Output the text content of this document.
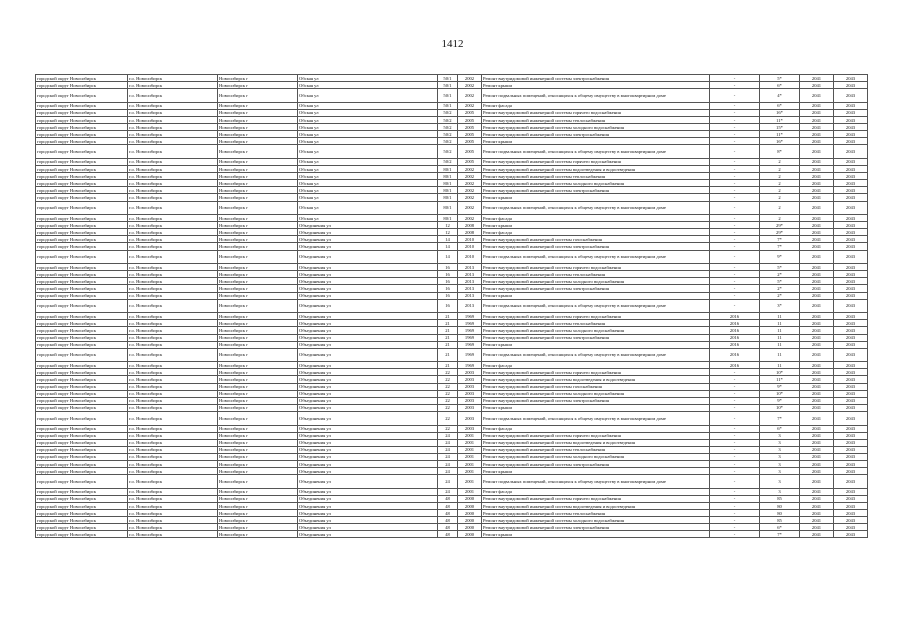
1412
городской округ Новосибирск	г.о. Новосибирск	Новосибирск г	Обская ул	50/1	2002	Ремонт внутридомовой инженерной системы электроснабжения	-	5*	2041	2043
городской округ Новосибирск	г.о. Новосибирск	Новосибирск г	Обская ул	50/1	2002	Ремонт крыши	-	6*	2041	2043
городской округ Новосибирск	г.о. Новосибирск	Новосибирск г	Обская ул	50/1	2002	Ремонт подвальных помещений, относящихся к общему имуществу в многоквартирном доме	-	4*	2041	2043
городской округ Новосибирск	г.о. Новосибирск	Новосибирск г	Обская ул	50/1	2002	Ремонт фасада	-	6*	2041	2043
городской округ Новосибирск	г.о. Новосибирск	Новосибирск г	Обская ул	50/2	2005	Ремонт внутридомовой инженерной системы горячего водоснабжения	-	16*	2041	2043
городской округ Новосибирск	г.о. Новосибирск	Новосибирск г	Обская ул	50/2	2005	Ремонт внутридомовой инженерной системы теплоснабжения	-	11*	2041	2043
городской округ Новосибирск	г.о. Новосибирск	Новосибирск г	Обская ул	50/2	2005	Ремонт внутридомовой инженерной системы холодного водоснабжения	-	15*	2041	2043
городской округ Новосибирск	г.о. Новосибирск	Новосибирск г	Обская ул	50/2	2005	Ремонт внутридомовой инженерной системы электроснабжения	-	11*	2041	2043
городской округ Новосибирск	г.о. Новосибирск	Новосибирск г	Обская ул	50/2	2005	Ремонт крыши	-	16*	2041	2043
городской округ Новосибирск	г.о. Новосибирск	Новосибирск г	Обская ул	50/2	2005	Ремонт подвальных помещений, относящихся к общему имуществу в многоквартирном доме	-	8*	2041	2043
городской округ Новосибирск	г.о. Новосибирск	Новосибирск г	Обская ул	50/2	2005	Ремонт внутридомовой инженерной системы горячего водоснабжения	-	2	2041	2043
городской округ Новосибирск	г.о. Новосибирск	Новосибирск г	Обская ул	80/1	2002	Ремонт внутридомовой инженерной системы водоотведения и водоотведения	-	2	2041	2043
городской округ Новосибирск	г.о. Новосибирск	Новосибирск г	Обская ул	80/1	2002	Ремонт внутридомовой инженерной системы теплоснабжения	-	2	2041	2043
городской округ Новосибирск	г.о. Новосибирск	Новосибирск г	Обская ул	80/1	2002	Ремонт внутридомовой инженерной системы холодного водоснабжения	-	2	2041	2043
городской округ Новосибирск	г.о. Новосибирск	Новосибирск г	Обская ул	80/1	2002	Ремонт внутридомовой инженерной системы электроснабжения	-	2	2041	2043
городской округ Новосибирск	г.о. Новосибирск	Новосибирск г	Обская ул	80/1	2002	Ремонт крыши	-	2	2041	2043
городской округ Новосибирск	г.о. Новосибирск	Новосибирск г	Обская ул	80/1	2002	Ремонт подвальных помещений, относящихся к общему имуществу в многоквартирном доме	-	2	2041	2043
городской округ Новосибирск	г.о. Новосибирск	Новосибирск г	Обская ул	80/1	2002	Ремонт фасада	-	2	2041	2043
городской округ Новосибирск	г.о. Новосибирск	Новосибирск г	Объединения ул	12	2008	Ремонт крыши	-	29*	2041	2043
городской округ Новосибирск	г.о. Новосибирск	Новосибирск г	Объединения ул	12	2008	Ремонт фасада	-	29*	2041	2043
городской округ Новосибирск	г.о. Новосибирск	Новосибирск г	Объединения ул	14	2010	Ремонт внутридомовой инженерной системы газоснабжения	-	7*	2041	2043
городской округ Новосибирск	г.о. Новосибирск	Новосибирск г	Объединения ул	14	2010	Ремонт внутридомовой инженерной системы электроснабжения	-	7*	2041	2043
городской округ Новосибирск	г.о. Новосибирск	Новосибирск г	Объединения ул	14	2010	Ремонт подвальных помещений, относящихся к общему имуществу в многоквартирном доме	-	9*	2041	2043
городской округ Новосибирск	г.о. Новосибирск	Новосибирск г	Объединения ул	16	2013	Ремонт внутридомовой инженерной системы горячего водоснабжения	-	5*	2041	2043
городской округ Новосибирск	г.о. Новосибирск	Новосибирск г	Объединения ул	16	2013	Ремонт внутридомовой инженерной системы теплоснабжения	-	2*	2041	2043
городской округ Новосибирск	г.о. Новосибирск	Новосибирск г	Объединения ул	16	2013	Ремонт внутридомовой инженерной системы холодного водоснабжения	-	5*	2041	2043
городской округ Новосибирск	г.о. Новосибирск	Новосибирск г	Объединения ул	16	2013	Ремонт внутридомовой инженерной системы электроснабжения	-	2*	2041	2043
городской округ Новосибирск	г.о. Новосибирск	Новосибирск г	Объединения ул	16	2013	Ремонт крыши	-	2*	2041	2043
городской округ Новосибирск	г.о. Новосибирск	Новосибирск г	Объединения ул	16	2013	Ремонт подвальных помещений, относящихся к общему имуществу в многоквартирном доме	-	3*	2041	2043
городской округ Новосибирск	г.о. Новосибирск	Новосибирск г	Объединения ул	21	1969	Ремонт внутридомовой инженерной системы горячего водоснабжения	2016	11	2041	2043
городской округ Новосибирск	г.о. Новосибирск	Новосибирск г	Объединения ул	21	1969	Ремонт внутридомовой инженерной системы теплоснабжения	2016	11	2041	2043
городской округ Новосибирск	г.о. Новосибирск	Новосибирск г	Объединения ул	21	1969	Ремонт внутридомовой инженерной системы холодного водоснабжения	2016	11	2041	2043
городской округ Новосибирск	г.о. Новосибирск	Новосибирск г	Объединения ул	21	1969	Ремонт внутридомовой инженерной системы электроснабжения	2016	11	2041	2043
городской округ Новосибирск	г.о. Новосибирск	Новосибирск г	Объединения ул	21	1969	Ремонт крыши	2016	11	2041	2043
городской округ Новосибирск	г.о. Новосибирск	Новосибирск г	Объединения ул	21	1969	Ремонт подвальных помещений, относящихся к общему имуществу в многоквартирном доме	2016	11	2041	2043
городской округ Новосибирск	г.о. Новосибирск	Новосибирск г	Объединения ул	21	1969	Ремонт фасада	2016	11	2041	2043
городской округ Новосибирск	г.о. Новосибирск	Новосибирск г	Объединения ул	22	2003	Ремонт внутридомовой инженерной системы горячего водоснабжения	-	10*	2041	2043
городской округ Новосибирск	г.о. Новосибирск	Новосибирск г	Объединения ул	22	2003	Ремонт внутридомовой инженерной системы водоотведения и водоотведения	-	11*	2041	2043
городской округ Новосибирск	г.о. Новосибирск	Новосибирск г	Объединения ул	22	2003	Ремонт внутридомовой инженерной системы газоснабжения	-	9*	2041	2043
городской округ Новосибирск	г.о. Новосибирск	Новосибирск г	Объединения ул	22	2003	Ремонт внутридомовой инженерной системы холодного водоснабжения	-	10*	2041	2043
городской округ Новосибирск	г.о. Новосибирск	Новосибирск г	Объединения ул	22	2003	Ремонт внутридомовой инженерной системы электроснабжения	-	9*	2041	2043
городской округ Новосибирск	г.о. Новосибирск	Новосибирск г	Объединения ул	22	2003	Ремонт крыши	-	10*	2041	2043
городской округ Новосибирск	г.о. Новосибирск	Новосибирск г	Объединения ул	22	2003	Ремонт подвальных помещений, относящихся к общему имуществу в многоквартирном доме	-	7*	2041	2043
городской округ Новосибирск	г.о. Новосибирск	Новосибирск г	Объединения ул	22	2003	Ремонт фасада	-	6*	2041	2043
городской округ Новосибирск	г.о. Новосибирск	Новосибирск г	Объединения ул	24	2001	Ремонт внутридомовой инженерной системы горячего водоснабжения	-	3	2041	2043
городской округ Новосибирск	г.о. Новосибирск	Новосибирск г	Объединения ул	24	2001	Ремонт внутридомовой инженерной системы водоотведения и водоотведения	-	3	2041	2043
городской округ Новосибирск	г.о. Новосибирск	Новосибирск г	Объединения ул	24	2001	Ремонт внутридомовой инженерной системы теплоснабжения	-	3	2041	2043
городской округ Новосибирск	г.о. Новосибирск	Новосибирск г	Объединения ул	24	2001	Ремонт внутридомовой инженерной системы холодного водоснабжения	-	3	2041	2043
городской округ Новосибирск	г.о. Новосибирск	Новосибирск г	Объединения ул	24	2001	Ремонт внутридомовой инженерной системы электроснабжения	-	3	2041	2043
городской округ Новосибирск	г.о. Новосибирск	Новосибирск г	Объединения ул	24	2001	Ремонт крыши	-	3	2041	2043
городской округ Новосибирск	г.о. Новосибирск	Новосибирск г	Объединения ул	24	2001	Ремонт подвальных помещений, относящихся к общему имуществу в многоквартирном доме	-	3	2041	2043
городской округ Новосибирск	г.о. Новосибирск	Новосибирск г	Объединения ул	24	2001	Ремонт фасада	-	3	2041	2043
городской округ Новосибирск	г.о. Новосибирск	Новосибирск г	Объединения ул	48	2000	Ремонт внутридомовой инженерной системы горячего водоснабжения	-	85	2041	2043
городской округ Новосибирск	г.о. Новосибирск	Новосибирск г	Объединения ул	48	2000	Ремонт внутридомовой инженерной системы водоотведения и водоотведения	-	80	2041	2043
городской округ Новосибирск	г.о. Новосибирск	Новосибирск г	Объединения ул	48	2000	Ремонт внутридомовой инженерной системы теплоснабжения	-	80	2041	2043
городской округ Новосибирск	г.о. Новосибирск	Новосибирск г	Объединения ул	48	2000	Ремонт внутридомовой инженерной системы холодного водоснабжения	-	85	2041	2043
городской округ Новосибирск	г.о. Новосибирск	Новосибирск г	Объединения ул	48	2000	Ремонт внутридомовой инженерной системы электроснабжения	-	6*	2041	2043
городской округ Новосибирск	г.о. Новосибирск	Новосибирск г	Объединения ул	48	2000	Ремонт крыши	-	7*	2041	2043
